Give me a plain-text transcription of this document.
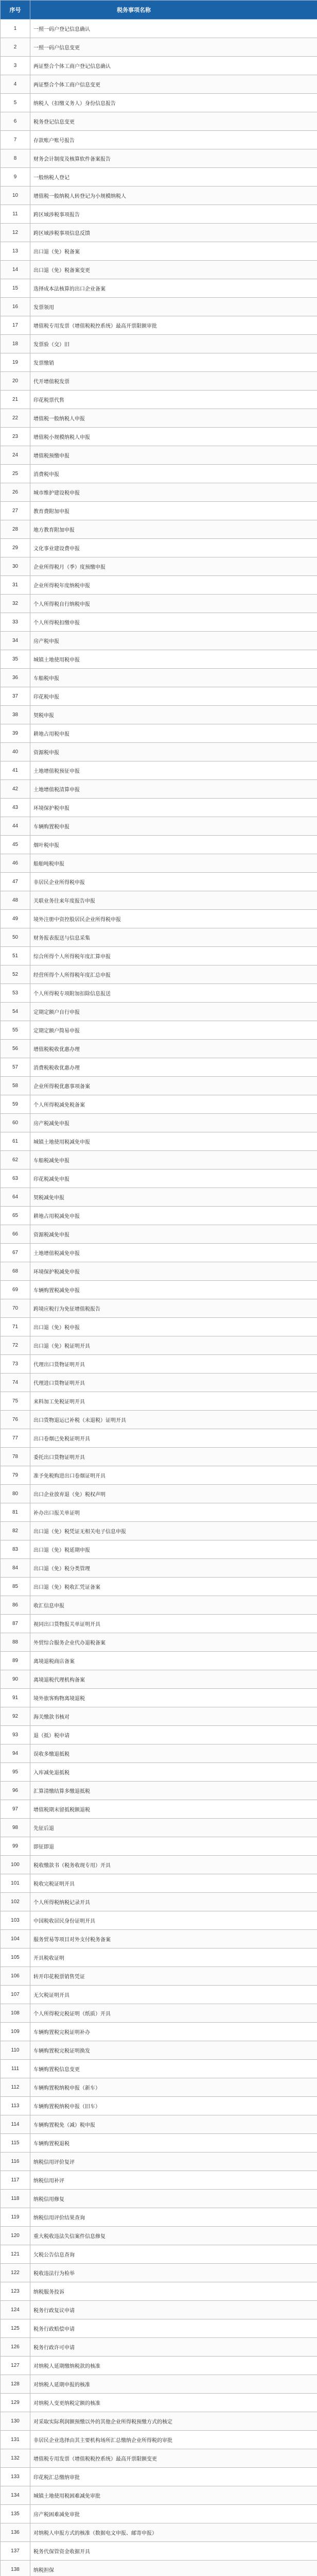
序号	税务事项名称
1	一照一码户登记信息确认
2	一照一码户信息变更
3	两证整合个体工商户登记信息确认
4	两证整合个体工商户信息变更
5	纳税人（扣缴义务人）身份信息报告
6	税务登记信息变更
7	存款账户账号报告
8	财务会计制度及核算软件备案报告
9	一般纳税人登记
10	增值税一般纳税人转登记为小规模纳税人
11	跨区域涉税事项报告
12	跨区域涉税事项信息反馈
13	出口退（免）税备案
14	出口退（免）税备案变更
15	选择成本法核算的出口企业备案
16	发票领用
17	增值税专用发票（增值税税控系统）最高开票限额审批
18	发票验（交）旧
19	发票缴销
20	代开增值税发票
21	印花税票代售
22	增值税一般纳税人申报
23	增值税小规模纳税人申报
24	增值税预缴申报
25	消费税申报
26	城市维护建设税申报
27	教育费附加申报
28	地方教育附加申报
29	文化事业建设费申报
30	企业所得税月（季）度预缴申报
31	企业所得税年度纳税申报
32	个人所得税自行纳税申报
33	个人所得税扣缴申报
34	房产税申报
35	城镇土地使用税申报
36	车船税申报
37	印花税申报
38	契税申报
39	耕地占用税申报
40	资源税申报
41	土地增值税预征申报
42	土地增值税清算申报
43	环境保护税申报
44	车辆购置税申报
45	烟叶税申报
46	船舶吨税申报
47	非居民企业所得税申报
48	关联业务往来年度报告申报
49	境外注册中资控股居民企业所得税申报
50	财务报表报送与信息采集
51	综合所得个人所得税年度汇算申报
52	经营所得个人所得税年度汇总申报
53	个人所得税专项附加扣除信息报送
54	定期定额户自行申报
55	定期定额户简易申报
56	增值税税收优惠办理
57	消费税税收优惠办理
58	企业所得税优惠事项备案
59	个人所得税减免税备案
60	房产税减免申报
61	城镇土地使用税减免申报
62	车船税减免申报
63	印花税减免申报
64	契税减免申报
65	耕地占用税减免申报
66	资源税减免申报
67	土地增值税减免申报
68	环境保护税减免申报
69	车辆购置税减免申报
70	跨境应税行为免征增值税报告
71	出口退（免）税申报
72	出口退（免）税证明开具
73	代理出口货物证明开具
74	代理进口货物证明开具
75	来料加工免税证明开具
76	出口货物退运已补税（未退税）证明开具
77	出口卷烟已免税证明开具
78	委托出口货物证明开具
79	准予免税购进出口卷烟证明开具
80	出口企业放弃退（免）税权声明
81	补办出口报关单证明
82	出口退（免）税凭证无相关电子信息申报
83	出口退（免）税延期申报
84	出口退（免）税分类管理
85	出口退（免）税收汇凭证备案
86	收汇信息申报
87	视同出口货物报关单证明开具
88	外贸综合服务企业代办退税备案
89	离境退税商店备案
90	离境退税代理机构备案
91	境外旅客购物离境退税
92	海关缴款书核对
93	退（抵）税申请
94	误收多缴退抵税
95	入库减免退抵税
96	汇算清缴结算多缴退抵税
97	增值税期末留抵税额退税
98	先征后退
99	即征即退
100	税收缴款书（税务收现专用）开具
101	税收完税证明开具
102	个人所得税纳税记录开具
103	中国税收居民身份证明开具
104	服务贸易等项目对外支付税务备案
105	开具税收证明
106	转开印花税票销售凭证
107	无欠税证明开具
108	个人所得税完税证明（纸质）开具
109	车辆购置税完税证明补办
110	车辆购置税完税证明换发
111	车辆购置税信息变更
112	车辆购置税纳税申报（新车）
113	车辆购置税纳税申报（旧车）
114	车辆购置税免（减）税申报
115	车辆购置税退税
116	纳税信用评价复评
117	纳税信用补评
118	纳税信用修复
119	纳税信用评价结果查询
120	重大税收违法失信案件信息修复
121	欠税公告信息查询
122	税收违法行为检举
123	纳税服务投诉
124	税务行政复议申请
125	税务行政赔偿申请
126	税务行政许可申请
127	对纳税人延期缴纳税款的核准
128	对纳税人延期申报的核准
129	对纳税人变更纳税定额的核准
130	对采取实际利润额预缴以外的其他企业所得税预缴方式的核定
131	非居民企业选择由其主要机构场所汇总缴纳企业所得税的审批
132	增值税专用发票（增值税税控系统）最高开票限额变更
133	印花税汇总缴纳审批
134	城镇土地使用税困难减免审批
135	房产税困难减免审批
136	对纳税人申报方式的核准（数据电文申报、邮寄申报）
137	税务代保管资金收据开具
138	纳税担保
